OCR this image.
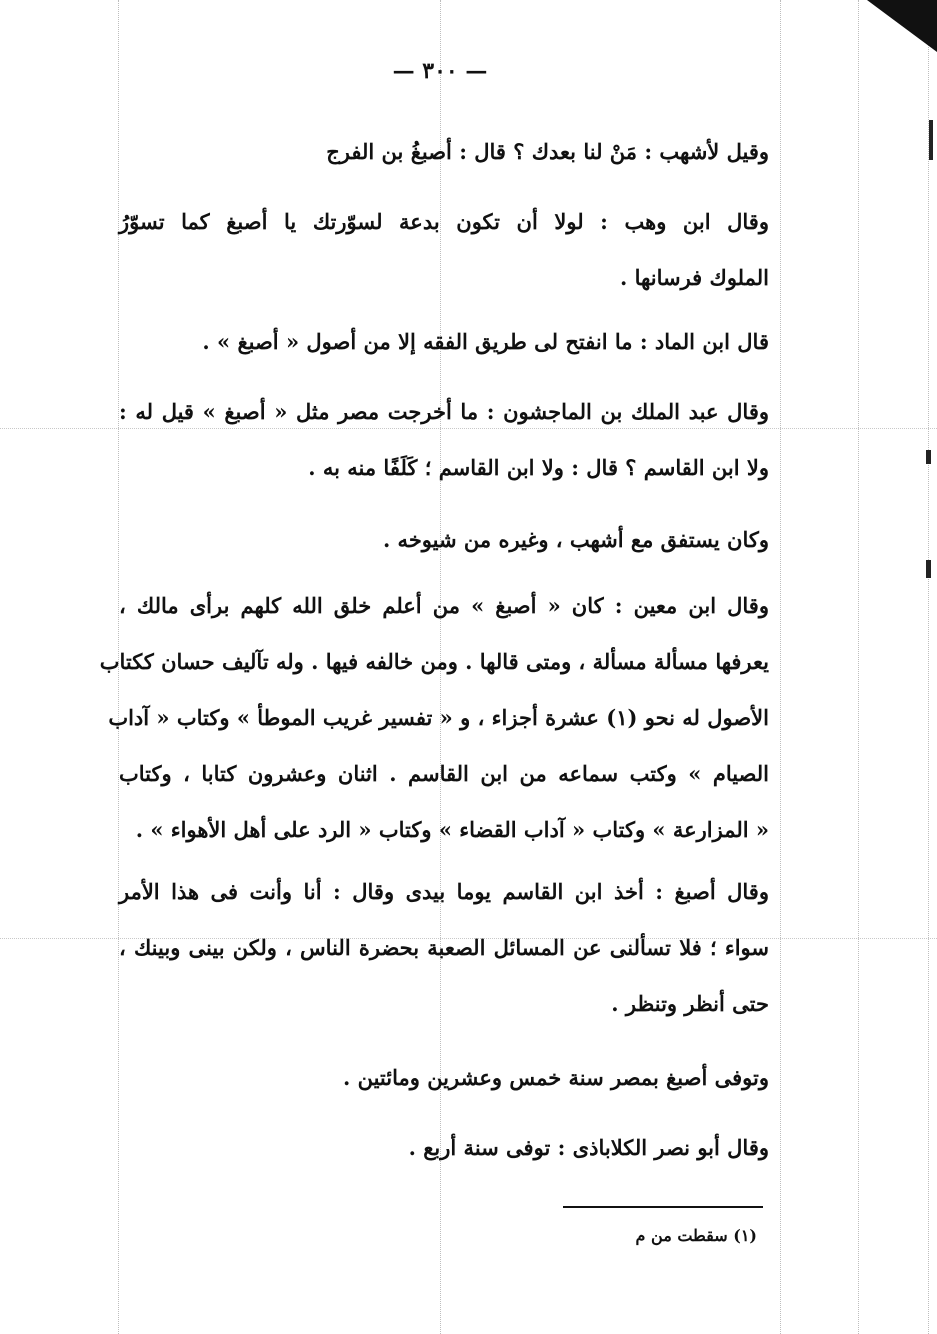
— ٣٠٠ —
وقيل لأشهب : مَنْ لنا بعدك ؟ قال : أصبغُ بن الفرج
وقال ابن وهب : لولا أن تكون بدعة لسوّرتك يا أصبغ كما تسوّرُ
الملوك فرسانها .
قال ابن الماد : ما انفتح لى طريق الفقه إلا من أصول « أصبغ » .
وقال عبد الملك بن الماجشون : ما أخرجت مصر مثل « أصبغ » قيل له :
ولا ابن القاسم ؟ قال : ولا ابن القاسم ؛ كَلَفًا منه به .
وكان يستفق مع أشهب ، وغيره من شيوخه .
وقال ابن معين : كان « أصبغ » من أعلم خلق الله كلهم برأى مالك ،
يعرفها مسألة مسألة ، ومتى قالها . ومن خالفه فيها . وله تآليف حسان ككتاب
الأصول له نحو (١) عشرة أجزاء ، و « تفسير غريب الموطأ » وكتاب « آداب
الصيام » وكتب سماعه من ابن القاسم . اثنان وعشرون كتابا ، وكتاب
« المزارعة » وكتاب « آداب القضاء » وكتاب « الرد على أهل الأهواء » .
وقال أصبغ : أخذ ابن القاسم يوما بيدى وقال : أنا وأنت فى هذا الأمر
سواء ؛ فلا تسألنى عن المسائل الصعبة بحضرة الناس ، ولكن بينى وبينك ،
حتى أنظر وتنظر .
وتوفى أصبغ بمصر سنة خمس وعشرين ومائتين .
وقال أبو نصر الكلاباذى : توفى سنة أربع .
(١) سقطت من م
